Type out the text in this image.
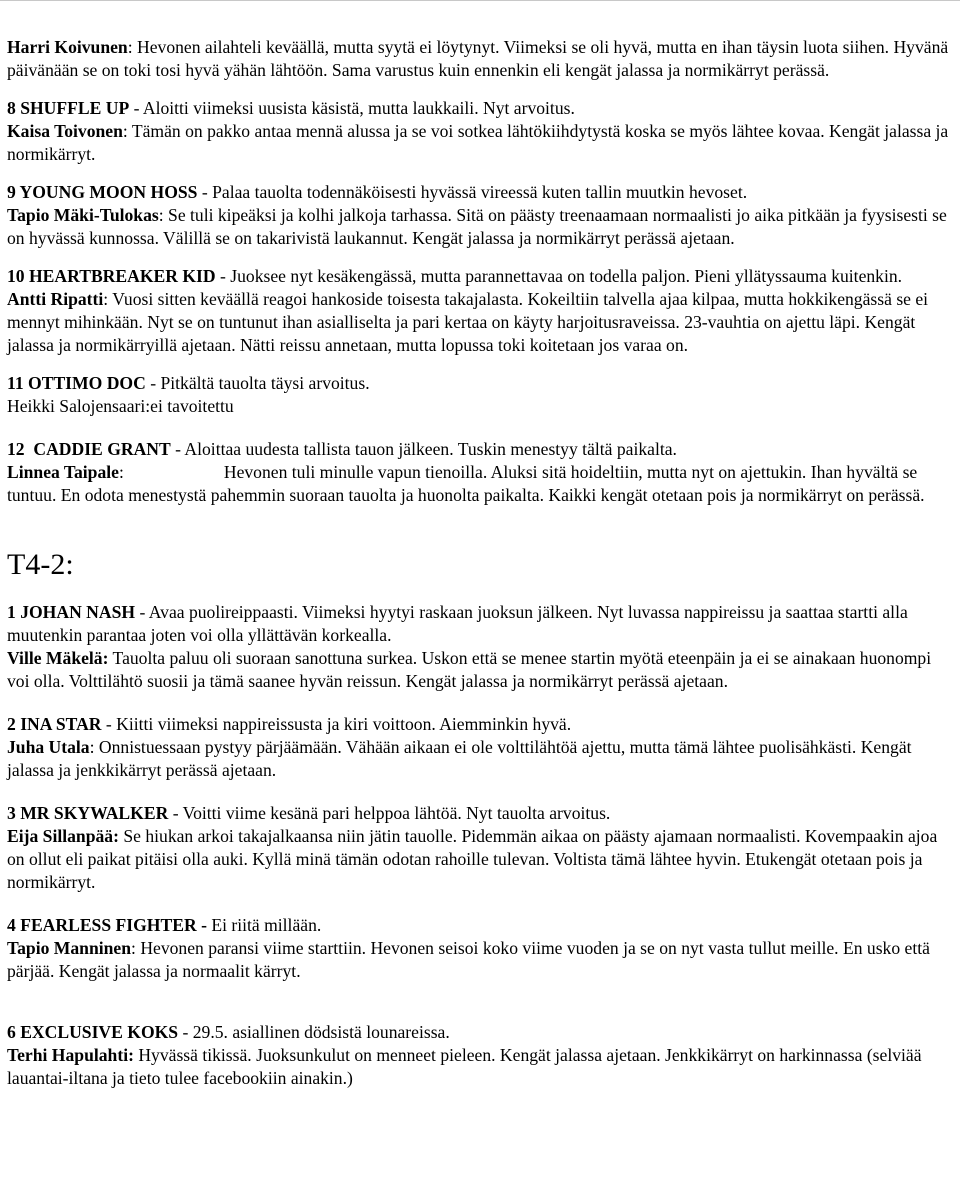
Harri Koivunen: Hevonen ailahteli keväällä, mutta syytä ei löytynyt. Viimeksi se oli hyvä, mutta en ihan täysin luota siihen. Hyvänä päivänään se on toki tosi hyvä yähän lähtöön. Sama varustus kuin ennenkin eli kengät jalassa ja normikärryt perässä.

8 SHUFFLE UP - Aloitti viimeksi uusista käsistä, mutta laukkaili. Nyt arvoitus.

Kaisa Toivonen: Tämän on pakko antaa mennä alussa ja se voi sotkea lähtökiihdytystä koska se myös lähtee kovaa. Kengät jalassa ja normikärryt.

9 YOUNG MOON HOSS - Palaa tauolta todennäköisesti hyvässä vireessä kuten tallin muutkin hevoset.

Tapio Mäki-Tulokas: Se tuli kipeäksi ja kolhi jalkoja tarhassa. Sitä on päästy treenaamaan normaalisti jo aika pitkään ja fyysisesti se on hyvässä kunnossa. Välillä se on takarivistä laukannut. Kengät jalassa ja normikärryt perässä ajetaan.

10 HEARTBREAKER KID - Juoksee nyt kesäkengässä, mutta parannettavaa on todella paljon. Pieni yllätyssauma kuitenkin.

Antti Ripatti: Vuosi sitten keväällä reagoi hankoside toisesta takajalasta. Kokeiltiin talvella ajaa kilpaa, mutta hokkikengässä se ei mennyt mihinkään. Nyt se on tuntunut ihan asialliselta ja pari kertaa on käyty harjoitusraveissa. 23-vauhtia on ajettu läpi. Kengät jalassa ja normikärryillä ajetaan. Nätti reissu annetaan, mutta lopussa toki koitetaan jos varaa on.

11 OTTIMO DOC - Pitkältä tauolta täysi arvoitus.

Heikki Salojensaari:ei tavoitettu

12  CADDIE GRANT - Aloittaa uudesta tallista tauon jälkeen. Tuskin menestyy tältä paikalta.

Linnea Taipale:	Hevonen tuli minulle vapun tienoilla. Aluksi sitä hoideltiin, mutta nyt on ajettukin. Ihan hyvältä se tuntuu. En odota menestystä pahemmin suoraan tauolta ja huonolta paikalta. Kaikki kengät otetaan pois ja normikärryt on perässä.

T4-2:

1 JOHAN NASH - Avaa puolireippaasti. Viimeksi hyytyi raskaan juoksun jälkeen. Nyt luvassa nappireissu ja saattaa startti alla muutenkin parantaa joten voi olla yllättävän korkealla.

Ville Mäkelä: Tauolta paluu oli suoraan sanottuna surkea. Uskon että se menee startin myötä eteenpäin ja ei se ainakaan huonompi voi olla. Volttilähtö suosii ja tämä saanee hyvän reissun. Kengät jalassa ja normikärryt perässä ajetaan.

2 INA STAR - Kiitti viimeksi nappireissusta ja kiri voittoon. Aiemminkin hyvä.

Juha Utala: Onnistuessaan pystyy pärjäämään. Vähään aikaan ei ole volttilähtöä ajettu, mutta tämä lähtee puolisähkästi. Kengät jalassa ja jenkkikärryt perässä ajetaan.

3 MR SKYWALKER - Voitti viime kesänä pari helppoa lähtöä. Nyt tauolta arvoitus.

Eija Sillanpää: Se hiukan arkoi takajalkaansa niin jätin tauolle. Pidemmän aikaa on päästy ajamaan normaalisti. Kovempaakin ajoa on ollut eli paikat pitäisi olla auki. Kyllä minä tämän odotan rahoille tulevan. Voltista tämä lähtee hyvin. Etukengät otetaan pois ja normikärryt.

4 FEARLESS FIGHTER - Ei riitä millään.

Tapio Manninen: Hevonen paransi viime starttiin. Hevonen seisoi koko viime vuoden ja se on nyt vasta tullut meille. En usko että pärjää. Kengät jalassa ja normaalit kärryt.

6 EXCLUSIVE KOKS - 29.5. asiallinen dödsistä lounareissa.

Terhi Hapulahti: Hyvässä tikissä. Juoksunkulut on menneet pieleen. Kengät jalassa ajetaan. Jenkkikärryt on harkinnassa (selviää lauantai-iltana ja tieto tulee facebookiin ainakin.)
